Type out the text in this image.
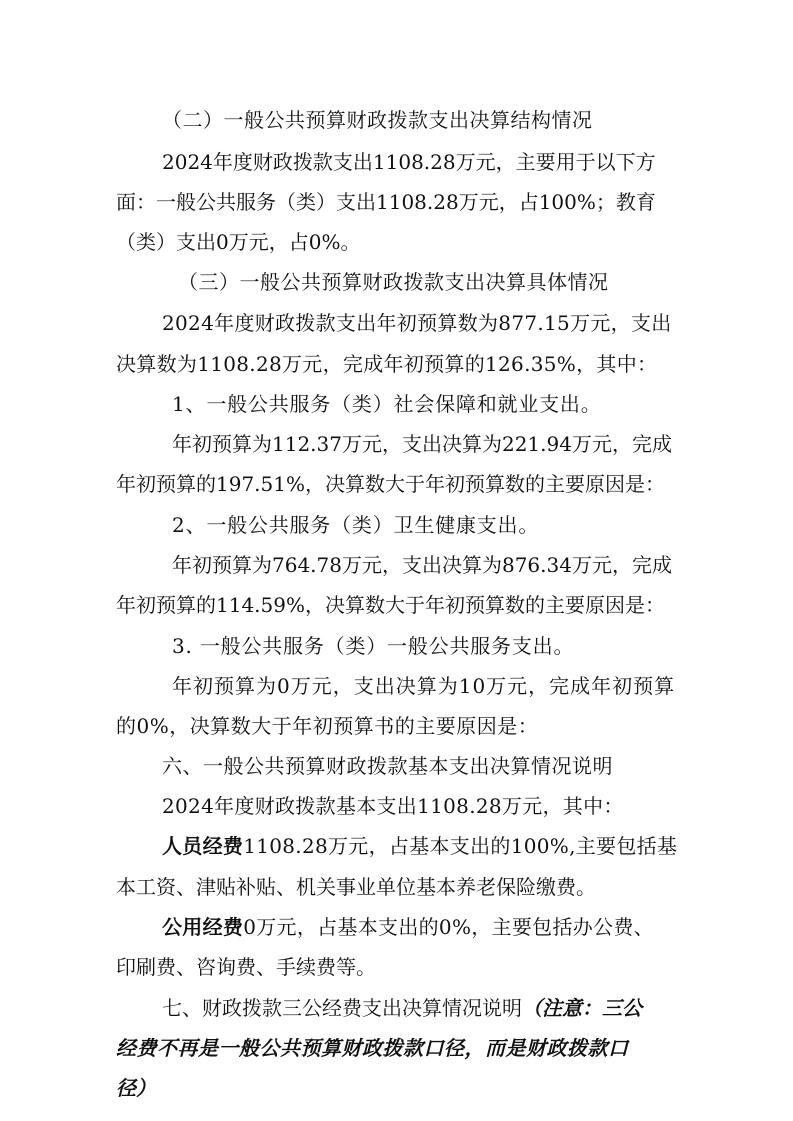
（二）一般公共预算财政拨款支出决算结构情况
2024年度财政拨款支出1108.28万元，主要用于以下方
面：一般公共服务（类）支出1108.28万元，占100%；教育
（类）支出0万元，占0%。
（三）一般公共预算财政拨款支出决算具体情况
2024年度财政拨款支出年初预算数为877.15万元，支出
决算数为1108.28万元，完成年初预算的126.35%，其中：
1、一般公共服务（类）社会保障和就业支出。
年初预算为112.37万元，支出决算为221.94万元，完成
年初预算的197.51%，决算数大于年初预算数的主要原因是：
2、一般公共服务（类）卫生健康支出。
年初预算为764.78万元，支出决算为876.34万元，完成
年初预算的114.59%，决算数大于年初预算数的主要原因是：
3. 一般公共服务（类）一般公共服务支出。
年初预算为0万元，支出决算为10万元，完成年初预算
的0%，决算数大于年初预算书的主要原因是：
六、一般公共预算财政拨款基本支出决算情况说明
2024年度财政拨款基本支出1108.28万元，其中：
人员经费1108.28万元，占基本支出的100%,主要包括基
本工资、津贴补贴、机关事业单位基本养老保险缴费。
公用经费0万元，占基本支出的0%，主要包括办公费、
印刷费、咨询费、手续费等。
七、财政拨款三公经费支出决算情况说明（注意：三公
经费不再是一般公共预算财政拨款口径，而是财政拨款口
径）
